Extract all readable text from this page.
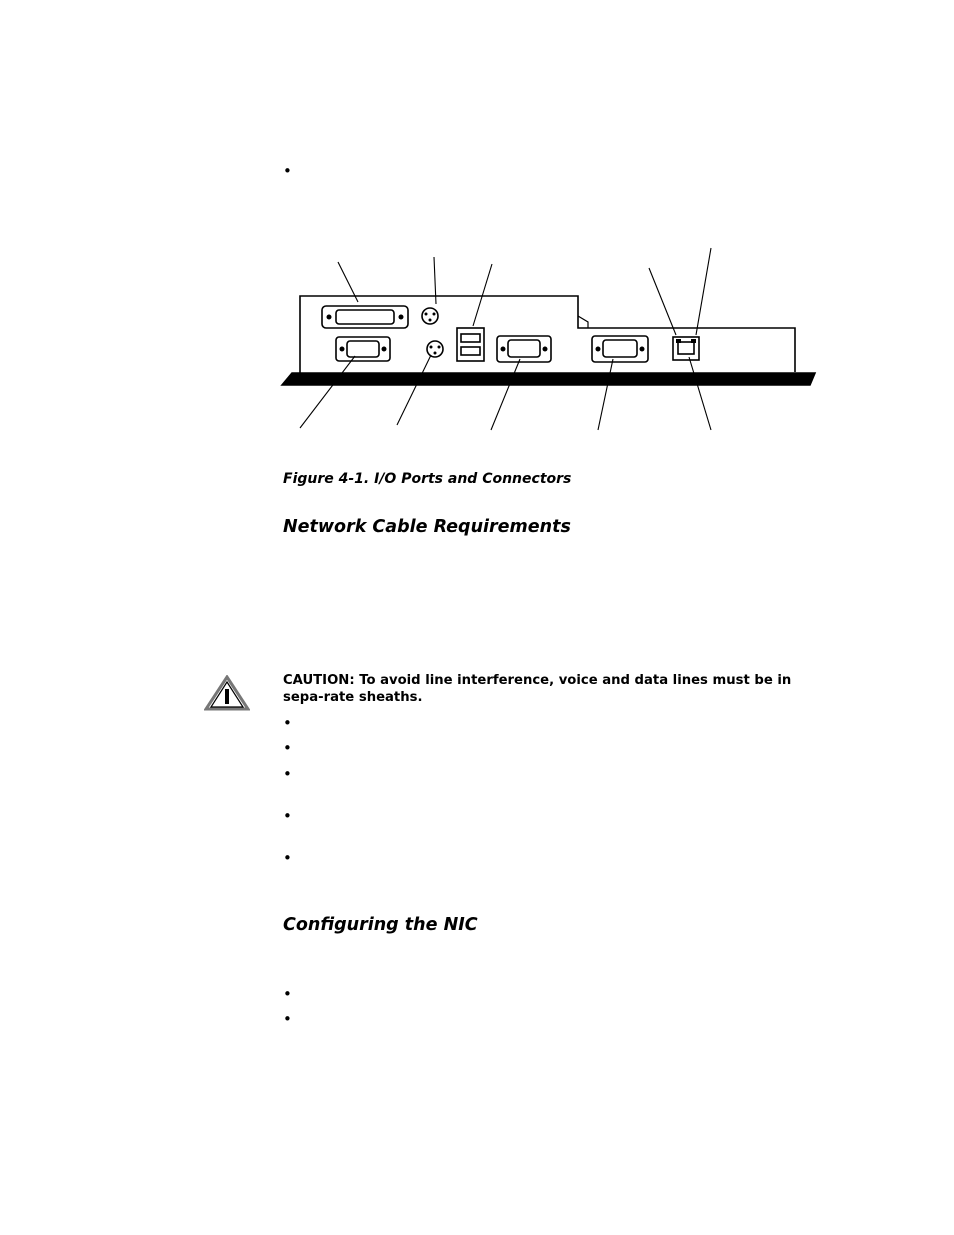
•

Figure 4-1. I/O Ports and Connectors

Network Cable Requirements

CAUTION: To avoid line interference, voice and data lines must be in sepa-rate sheaths.

•
•
•
•
•
Configuring the NIC
•
•
